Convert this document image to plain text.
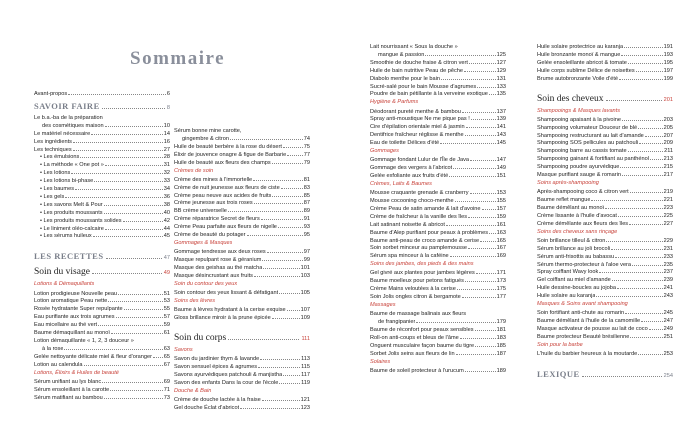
Sommaire
Avant-propos	6
SAVOIR FAIRE	8
Le b.a.-ba de la préparation
des cosmétiques maison	10
Le matériel nécessaire	14
Les ingrédients	16
Les techniques	27
• Les émulsions	28
• La méthode « One pot »	31
• Les lotions	32
• Les lotions bi-phase	33
• Les baumes	34
• Les gels	36
• Les savons Melt & Pour	38
• Les produits moussants	40
• Les produits moussants solides	42
• Le liniment oléo-calcaire	44
• Les sérums huileux	45
LES RECETTES	47
Soin du visage	49
Lotions & Démaquillants
Lotion prodigieuse Nouvelle peau	51
Lotion aromatique Peau nette	53
Rosée hydratante Super repulpante	55
Eau purifiante aux trois agrumes	57
Eau micellaire au thé vert	59
Baume démaquillant au monoï	61
Lotion démaquillante « 1, 2, 3 douceur »
à la rose	63
Gelée nettoyante délicate miel & fleur d'oranger 65
Lotion au calendula	67
Lotions, Élixirs & Huiles de beauté
Sérum unifiant au lys blanc	69
Sérum ensoleillant à la carotte	71
Sérum matifiant au bambou	73
Sérum bonne mine carotte,
gingembre & citron	74
Huile de beauté berbère à la rose du désert	75
Élixir de jouvence onagre & figue de Barbarie	77
Huile de beauté aux fleurs des champs	79
Crèmes de soin
Crème des mines à l'immortelle	81
Crème de nuit jeunesse aux fleurs de ciste	83
Crème peau neuve aux acides de fruits	85
Crème jeunesse aux trois roses	87
BB crème universelle	89
Crème réparatrice Secret de fleurs	91
Crème Peau parfaite aux fleurs de nigelle	93
Crème de beauté du potager	95
Gommages & Masques
Gommage tendresse aux deux roses	97
Masque repulpant rose & géranium	99
Masque des geishas au thé matcha	101
Masque désincrustant aux fruits	103
Soin du contour des yeux
Soin contour des yeux lissant & défatigant	105
Soins des lèvres
Baume à lèvres hydratant à la cerise exquise	107
Gloss brillance miroir à la prune épicée	109
Soin du corps	111
Savons
Savon du jardinier thym & lavande	113
Savon sensuel épices & agrumes	115
Savons ayurvédiques patchouli & manjistha	117
Savon des enfants Dans la cour de l'école	119
Douche & Bain
Crème de douche lactée à la fraise	121
Gel douche Éclat d'abricot	123
Lait nourrissant « Sous la douche »
mangue & passion	125
Smoothie de douche fraise & citron vert	127
Huile de bain nutritive Peau de pêche	129
Diabolo menthe pour le bain	131
Sucré-salé pour le bain Mousse d'agrumes	133
Poudre de bain pétillante à la verveine exotique 135
Hygiène & Parfums
Déodorant pureté menthe & bambou	137
Spray anti-moustique Ne me pique pas !	139
Cire d'épilation orientale miel & jasmin	141
Dentifrice fraîcheur réglisse & menthe	143
Eau de toilette Délices d'été	145
Gommages
Gommage fondant Lulur de l'Île de Java	147
Gommage des vergers à l'abricot	149
Gelée exfoliante aux fruits d'été	151
Crèmes, Laits & Baumes
Mousse craquante grenade & cranberry	153
Mousse cocooning choco-menthe	155
Crème Peau de satin amande & lait d'avoine	157
Crème de fraîcheur à la vanille des îles	159
Lait satinant noisette & abricot	161
Baume d'Alep purifiant pour peaux à problèmes 163
Baume anti-peau de croco amande & cerise	165
Soin sorbet minceur au pamplemousse	167
Sérum spa minceur à la caféine	169
Soins des jambes, des pieds & des mains
Gel givré aux plantes pour jambes légères	171
Baume moelleux pour petons fatigués	173
Crème Mains veloutées à la cerise	175
Soin Jolis ongles citron & bergamote	177
Massages
Baume de massage balinais aux fleurs
de frangipanier	179
Baume de réconfort pour peaux sensibles	181
Roll-on anti-coups et bleus de l'âme	183
Onguent musculaire façon baume du tigre	185
Sorbet Jolis seins aux fleurs de lin	187
Solaires
Baume de soleil protecteur à l'urucum	189
Huile solaire protectrice au karanja	191
Huile bronzante monoï & mangue	193
Gelée ensoleillante abricot & tomate	195
Huile corps sublime Délice de noisettes	197
Brume autobronzante Voile d'été	199
Soin des cheveux	201
Shampooings & Masques lavants
Shampooing apaisant à la pivoine	203
Shampooing volumateur Douceur de blé	205
Shampooing restructurant au lait d'amande	207
Shampooing SOS pellicules au patchouli	209
Shampooing barre au cassis tomate	211
Shampooing gainant & fortifiant au panthénol	213
Shampooing poudre ayurvédique	215
Masque purifiant sauge & romarin	217
Soins après-shampooing
Après-shampooing coco & citron vert	219
Baume reflet mangue	221
Baume démêlant au monoï	223
Crème lissante à l'huile d'avocat	225
Crème démêlante aux fleurs des îles	227
Soins des cheveux sans rinçage
Soin brillance tilleul & citron	229
Sérum brillance au joli brocoli	231
Sérum anti-frisottis au babassu	233
Sérum thermo-protecteur à l'aloe vera	235
Spray coiffant Wavy look	237
Gel coiffant au miel d'amande	239
Huile dessine-boucles au jojoba	241
Huile solaire au karanja	243
Masques & Soins avant shampooing
Soin fortifiant anti-chute au romarin	245
Baume démêlant à l'huile de la camomille	247
Masque activateur de pousse au lait de coco	249
Baume protecteur Beauté brésilienne	251
Soin pour la barbe
L'huile du barbier heureux à la moutarde	253
LEXIQUE	254
